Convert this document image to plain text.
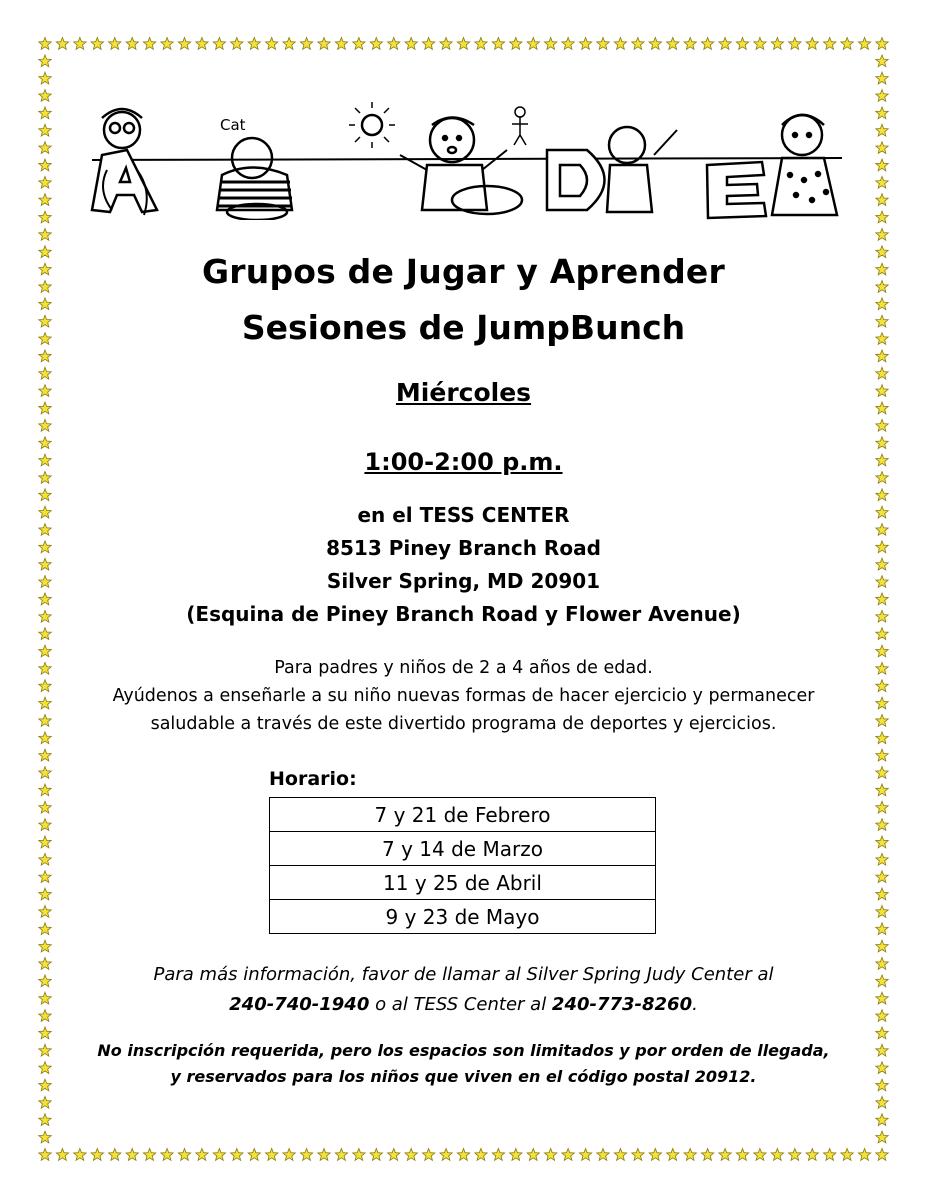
Cat
Grupos de Jugar y Aprender
Sesiones de JumpBunch
Miércoles
1:00-2:00 p.m.
en el TESS CENTER
8513 Piney Branch Road
Silver Spring, MD 20901
(Esquina de Piney Branch Road y Flower Avenue)
Para padres y niños de 2 a 4 años de edad.
Ayúdenos a enseñarle a su niño nuevas formas de hacer ejercicio y permanecer
saludable a través de este divertido programa de deportes y ejercicios.
Horario:
7 y 21 de Febrero
7 y 14 de Marzo
11 y 25 de Abril
9 y 23 de Mayo
Para más información, favor de llamar al Silver Spring Judy Center al
240-740-1940 o al TESS Center al 240-773-8260.
No inscripción requerida, pero los espacios son limitados y por orden de llegada,
y reservados para los niños que viven en el código postal 20912.
